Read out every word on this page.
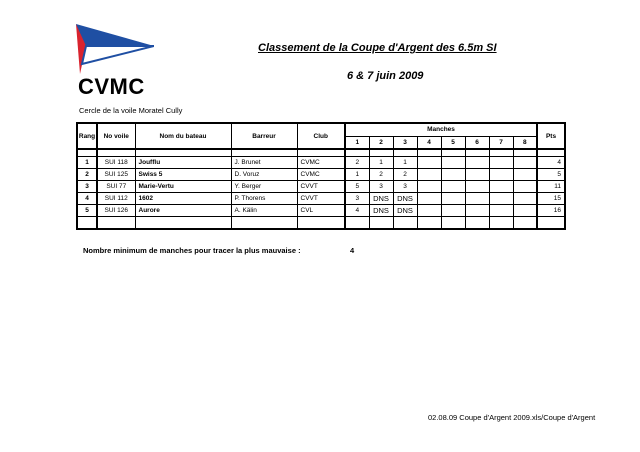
CVMC
Cercle de la voile Moratel Cully
Classement de la Coupe d'Argent des 6.5m SI
6 & 7 juin 2009
Rang	No voile	Nom du bateau	Barreur	Club	Manches								Pts
					1	2	3	4	5	6	7	8	

1	SUI 118	Joufflu	J. Brunet	CVMC	2	1	1						4
2	SUI 125	Swiss 5	D. Voruz	CVMC	1	2	2						5
3	SUI 77	Marie-Vertu	Y. Berger	CVVT	5	3	3						11
4	SUI 112	1602	P. Thorens	CVVT	3	DNS	DNS						15
5	SUI 126	Aurore	A. Kälin	CVL	4	DNS	DNS						16

Nombre minimum de manches pour tracer la plus mauvaise :	4
02.08.09 Coupe d'Argent 2009.xls/Coupe d'Argent
